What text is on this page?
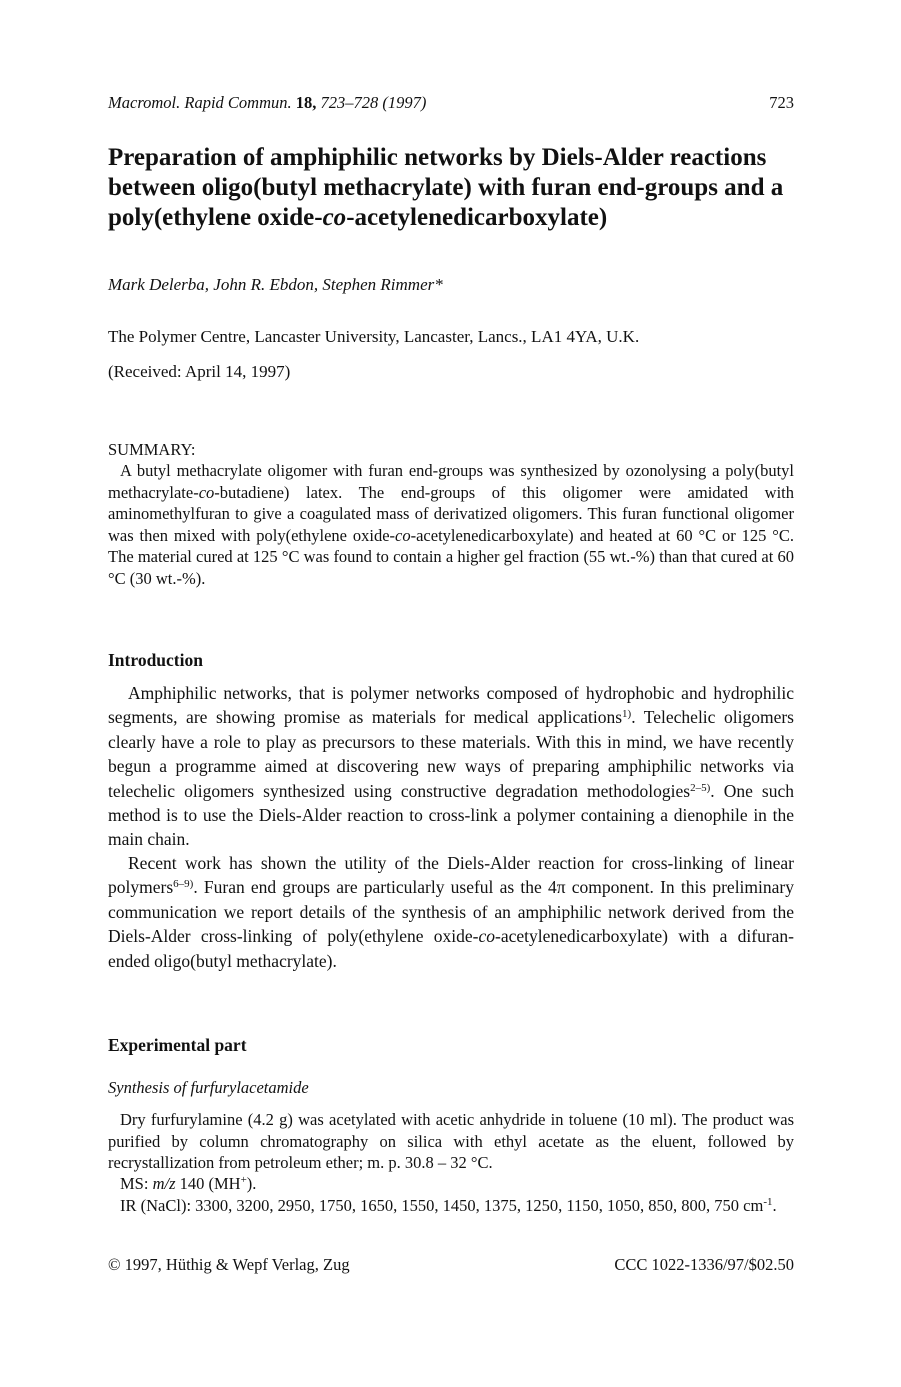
Macromol. Rapid Commun. 18, 723–728 (1997)	723
Preparation of amphiphilic networks by Diels-Alder reactions between oligo(butyl methacrylate) with furan end-groups and a poly(ethylene oxide-co-acetylenedicarboxylate)
Mark Delerba, John R. Ebdon, Stephen Rimmer*
The Polymer Centre, Lancaster University, Lancaster, Lancs., LA1 4YA, U.K.
(Received: April 14, 1997)
SUMMARY:

A butyl methacrylate oligomer with furan end-groups was synthesized by ozonolysing a poly(butyl methacrylate-co-butadiene) latex. The end-groups of this oligomer were amidated with aminomethylfuran to give a coagulated mass of derivatized oligomers. This furan functional oligomer was then mixed with poly(ethylene oxide-co-acetylenedicarboxylate) and heated at 60 °C or 125 °C. The material cured at 125 °C was found to contain a higher gel fraction (55 wt.-%) than that cured at 60 °C (30 wt.-%).

Introduction

Amphiphilic networks, that is polymer networks composed of hydrophobic and hydrophilic segments, are showing promise as materials for medical applications$^{1)}$. Telechelic oligomers clearly have a role to play as precursors to these materials. With this in mind, we have recently begun a programme aimed at discovering new ways of preparing amphiphilic networks via telechelic oligomers synthesized using constructive degradation methodologies$^{2-5)}$. One such method is to use the Diels-Alder reaction to cross-link a polymer containing a dienophile in the main chain.

Recent work has shown the utility of the Diels-Alder reaction for cross-linking of linear polymers$^{6-9)}$. Furan end groups are particularly useful as the 4π component. In this preliminary communication we report details of the synthesis of an amphiphilic network derived from the Diels-Alder cross-linking of poly(ethylene oxide-co-acetylenedicarboxylate) with a difuran-ended oligo(butyl methacrylate).

Experimental part
Synthesis of furfurylacetamide

Dry furfurylamine (4.2 g) was acetylated with acetic anhydride in toluene (10 ml). The product was purified by column chromatography on silica with ethyl acetate as the eluent, followed by recrystallization from petroleum ether; m. p. 30.8 – 32 °C.

MS: m/z 140 (MH+).

IR (NaCl): 3300, 3200, 2950, 1750, 1650, 1550, 1450, 1375, 1250, 1150, 1050, 850, 800, 750 $cm^{-1}$.

© 1997, Hüthig & Wepf Verlag, Zug	CCC 1022-1336/97/$02.50
